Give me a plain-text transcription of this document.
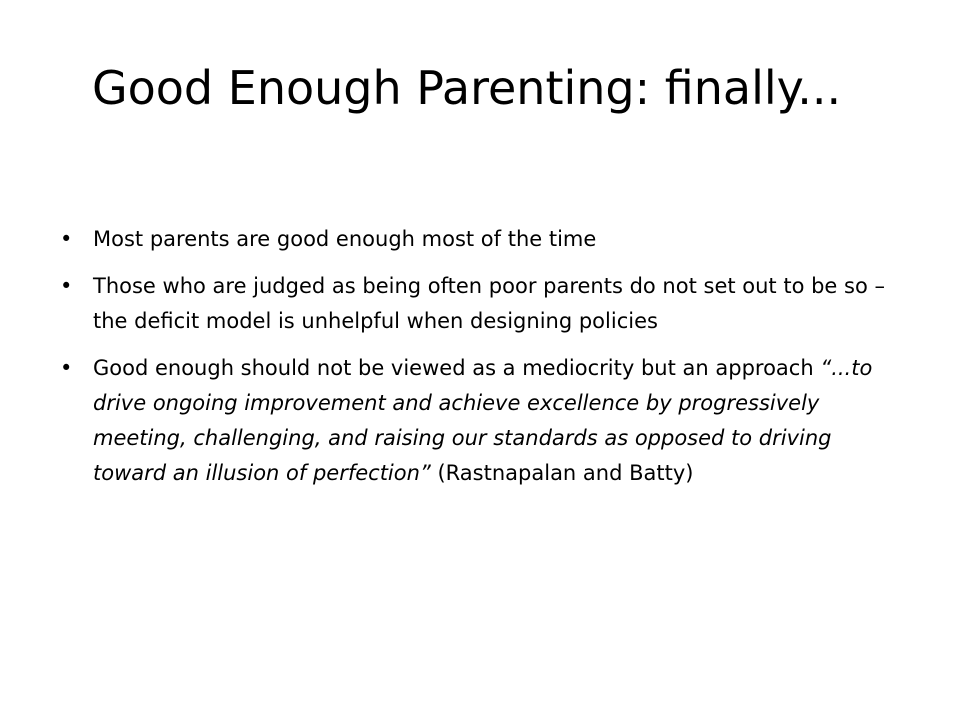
Good Enough Parenting: finally...
• Most parents are good enough most of the time
• Those who are judged as being often poor parents do not set out to be so – the deficit model is unhelpful when designing policies
• Good enough should not be viewed as a mediocrity but an approach “...to drive ongoing improvement and achieve excellence by progressively meeting, challenging, and raising our standards as opposed to driving toward an illusion of perfection” (Rastnapalan and Batty)
